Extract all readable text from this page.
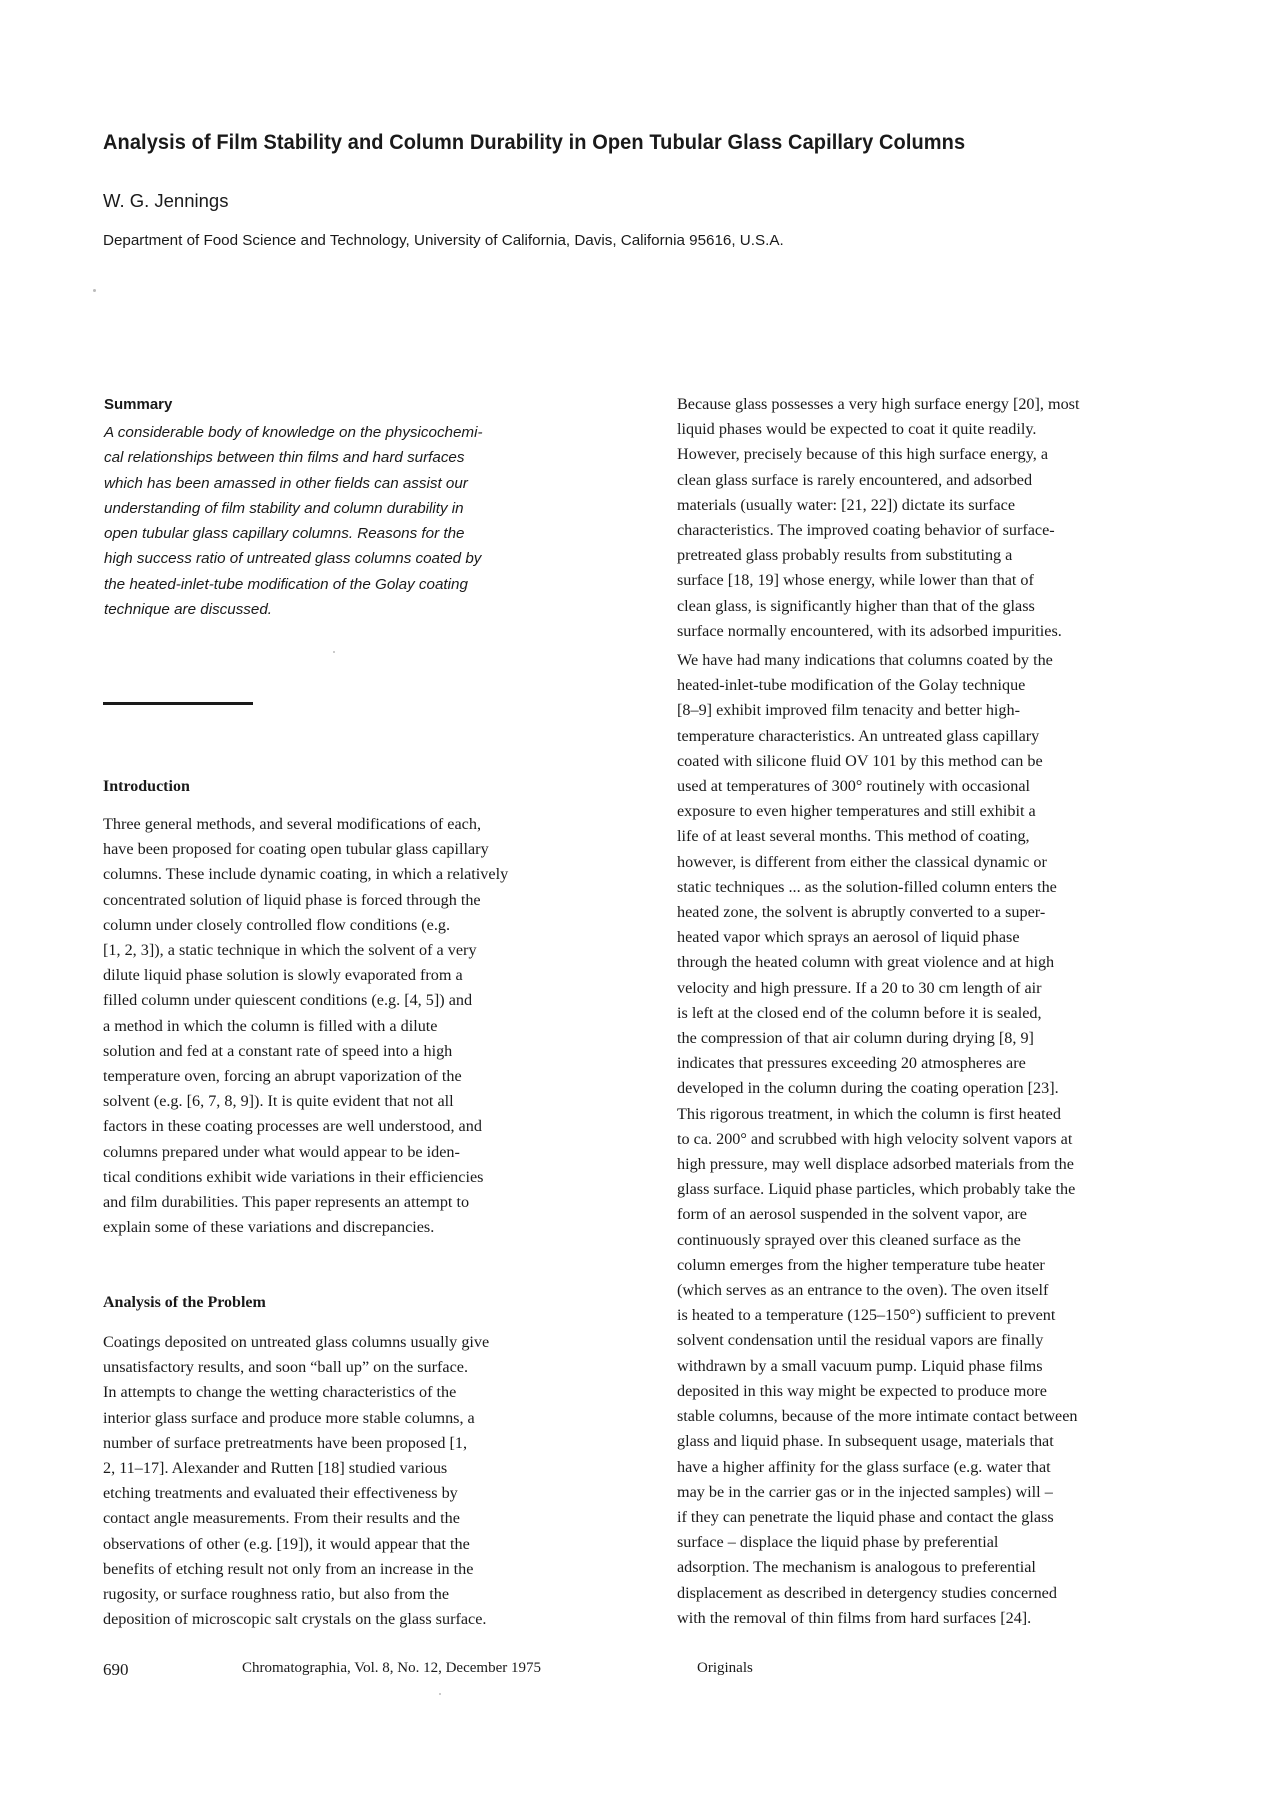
Analysis of Film Stability and Column Durability in Open Tubular Glass Capillary Columns
W. G. Jennings
Department of Food Science and Technology, University of California, Davis, California 95616, U.S.A.
Summary
A considerable body of knowledge on the physicochemi-
cal relationships between thin films and hard surfaces
which has been amassed in other fields can assist our
understanding of film stability and column durability in
open tubular glass capillary columns. Reasons for the
high success ratio of untreated glass columns coated by
the heated-inlet-tube modification of the Golay coating
technique are discussed.
Introduction
Three general methods, and several modifications of each,
have been proposed for coating open tubular glass capillary
columns. These include dynamic coating, in which a relatively
concentrated solution of liquid phase is forced through the
column under closely controlled flow conditions (e.g.
[1, 2, 3]), a static technique in which the solvent of a very
dilute liquid phase solution is slowly evaporated from a
filled column under quiescent conditions (e.g. [4, 5]) and
a method in which the column is filled with a dilute
solution and fed at a constant rate of speed into a high
temperature oven, forcing an abrupt vaporization of the
solvent (e.g. [6, 7, 8, 9]). It is quite evident that not all
factors in these coating processes are well understood, and
columns prepared under what would appear to be iden-
tical conditions exhibit wide variations in their efficiencies
and film durabilities. This paper represents an attempt to
explain some of these variations and discrepancies.
Analysis of the Problem
Coatings deposited on untreated glass columns usually give
unsatisfactory results, and soon “ball up” on the surface.
In attempts to change the wetting characteristics of the
interior glass surface and produce more stable columns, a
number of surface pretreatments have been proposed [1,
2, 11–17]. Alexander and Rutten [18] studied various
etching treatments and evaluated their effectiveness by
contact angle measurements. From their results and the
observations of other (e.g. [19]), it would appear that the
benefits of etching result not only from an increase in the
rugosity, or surface roughness ratio, but also from the
deposition of microscopic salt crystals on the glass surface.
Because glass possesses a very high surface energy [20], most
liquid phases would be expected to coat it quite readily.
However, precisely because of this high surface energy, a
clean glass surface is rarely encountered, and adsorbed
materials (usually water: [21, 22]) dictate its surface
characteristics. The improved coating behavior of surface-
pretreated glass probably results from substituting a
surface [18, 19] whose energy, while lower than that of
clean glass, is significantly higher than that of the glass
surface normally encountered, with its adsorbed impurities.
We have had many indications that columns coated by the
heated-inlet-tube modification of the Golay technique
[8–9] exhibit improved film tenacity and better high-
temperature characteristics. An untreated glass capillary
coated with silicone fluid OV 101 by this method can be
used at temperatures of 300° routinely with occasional
exposure to even higher temperatures and still exhibit a
life of at least several months. This method of coating,
however, is different from either the classical dynamic or
static techniques ... as the solution-filled column enters the
heated zone, the solvent is abruptly converted to a super-
heated vapor which sprays an aerosol of liquid phase
through the heated column with great violence and at high
velocity and high pressure. If a 20 to 30 cm length of air
is left at the closed end of the column before it is sealed,
the compression of that air column during drying [8, 9]
indicates that pressures exceeding 20 atmospheres are
developed in the column during the coating operation [23].
This rigorous treatment, in which the column is first heated
to ca. 200° and scrubbed with high velocity solvent vapors at
high pressure, may well displace adsorbed materials from the
glass surface. Liquid phase particles, which probably take the
form of an aerosol suspended in the solvent vapor, are
continuously sprayed over this cleaned surface as the
column emerges from the higher temperature tube heater
(which serves as an entrance to the oven). The oven itself
is heated to a temperature (125–150°) sufficient to prevent
solvent condensation until the residual vapors are finally
withdrawn by a small vacuum pump. Liquid phase films
deposited in this way might be expected to produce more
stable columns, because of the more intimate contact between
glass and liquid phase. In subsequent usage, materials that
have a higher affinity for the glass surface (e.g. water that
may be in the carrier gas or in the injected samples) will –
if they can penetrate the liquid phase and contact the glass
surface – displace the liquid phase by preferential
adsorption. The mechanism is analogous to preferential
displacement as described in detergency studies concerned
with the removal of thin films from hard surfaces [24].
690	Chromatographia, Vol. 8, No. 12, December 1975	Originals
